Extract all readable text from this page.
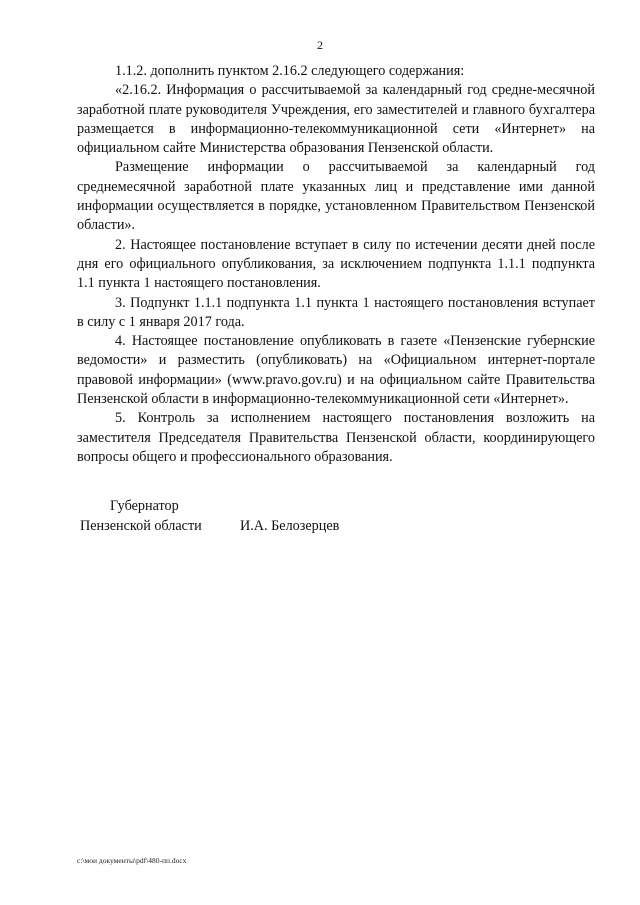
2

1.1.2. дополнить пунктом 2.16.2 следующего содержания:

«2.16.2. Информация о рассчитываемой за календарный год средне-месячной заработной плате руководителя Учреждения, его заместителей и главного бухгалтера размещается в информационно-телекоммуникационной сети «Интернет» на официальном сайте Министерства образования Пензенской области.

Размещение информации о рассчитываемой за календарный год среднемесячной заработной плате указанных лиц и представление ими данной информации осуществляется в порядке, установленном Правительством Пензенской области».

2. Настоящее постановление вступает в силу по истечении десяти дней после дня его официального опубликования, за исключением подпункта 1.1.1 подпункта 1.1 пункта 1 настоящего постановления.

3. Подпункт 1.1.1 подпункта 1.1 пункта 1 настоящего постановления вступает в силу с 1 января 2017 года.

4. Настоящее постановление опубликовать в газете «Пензенские губернские ведомости» и разместить (опубликовать) на «Официальном интернет-портале правовой информации» (www.pravo.gov.ru) и на официальном сайте Правительства Пензенской области в информационно-телекоммуникационной сети «Интернет».

5. Контроль за исполнением настоящего постановления возложить на заместителя Председателя Правительства Пензенской области, координирующего вопросы общего и профессионального образования.

Губернатор

Пензенской области	И.А. Белозерцев
c:\мои документы\pdf\480-пп.docx
